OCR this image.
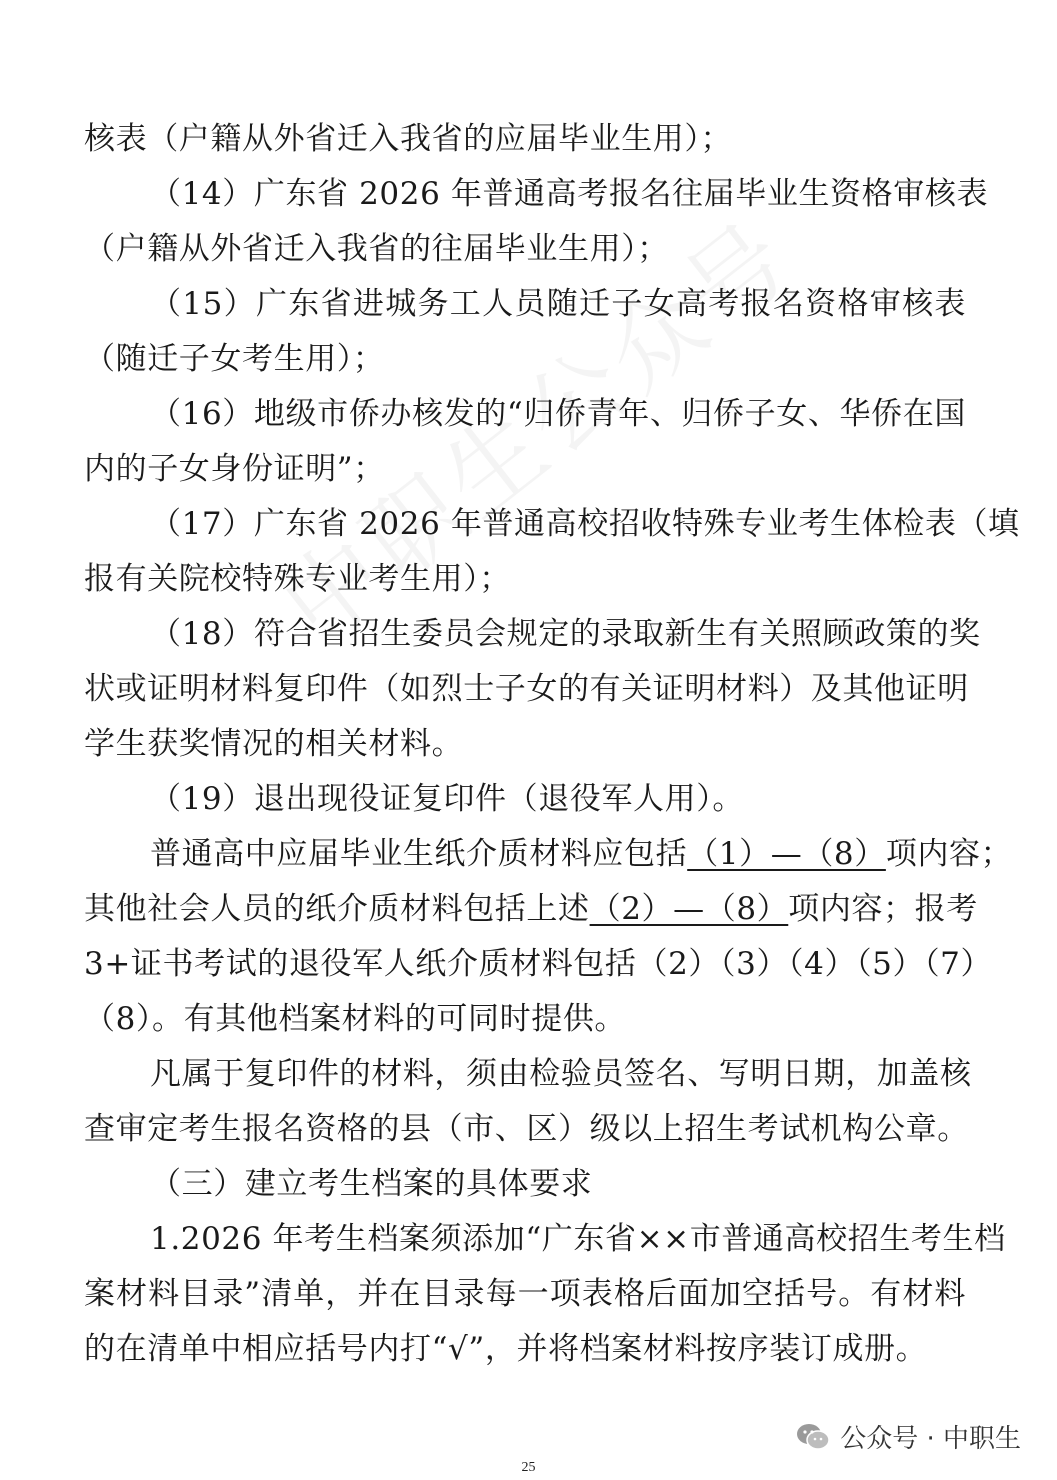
核表（户籍从外省迁入我省的应届毕业生用）；
（14）广东省 2026 年普通高考报名往届毕业生资格审核表
（户籍从外省迁入我省的往届毕业生用）；
（15）广东省进城务工人员随迁子女高考报名资格审核表
（随迁子女考生用）；
（16）地级市侨办核发的“归侨青年、归侨子女、华侨在国
内的子女身份证明”；
（17）广东省 2026 年普通高校招收特殊专业考生体检表（填
报有关院校特殊专业考生用）；
（18）符合省招生委员会规定的录取新生有关照顾政策的奖
状或证明材料复印件（如烈士子女的有关证明材料）及其他证明
学生获奖情况的相关材料。
（19）退出现役证复印件（退役军人用）。
普通高中应届毕业生纸介质材料应包括（1）—（8）项内容；
其他社会人员的纸介质材料包括上述（2）—（8）项内容；报考
3+证书考试的退役军人纸介质材料包括（2）（3）（4）（5）（7）
（8）。有其他档案材料的可同时提供。
凡属于复印件的材料，须由检验员签名、写明日期，加盖核
查审定考生报名资格的县（市、区）级以上招生考试机构公章。
（三）建立考生档案的具体要求
1.2026 年考生档案须添加“广东省××市普通高校招生考生档
案材料目录”清单，并在目录每一项表格后面加空括号。有材料
的在清单中相应括号内打“√”，并将档案材料按序装订成册。
公众号 · 中职生
25
